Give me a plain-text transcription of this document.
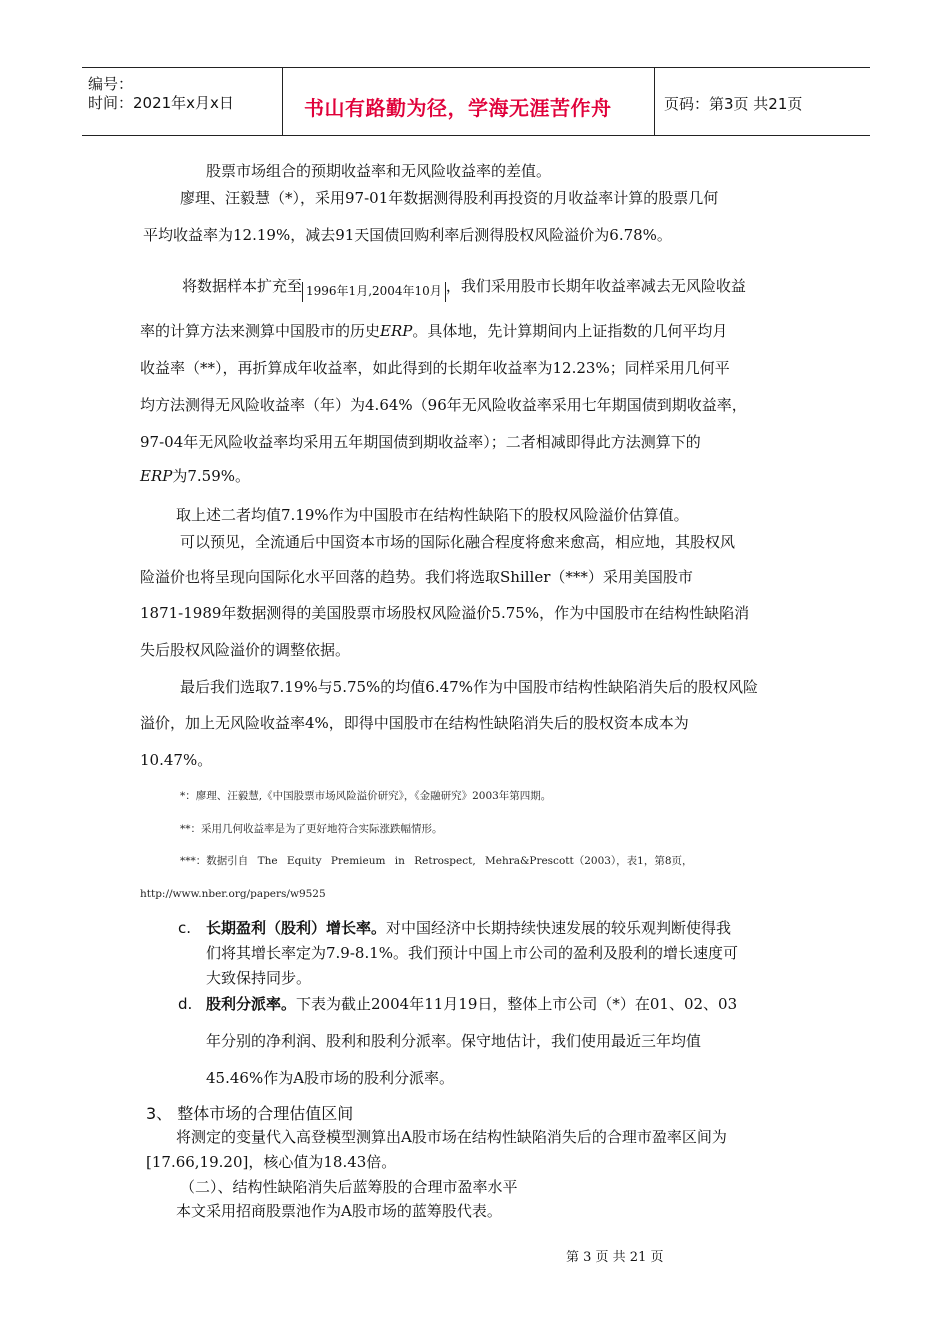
编号：
时间：2021年x月x日	书山有路勤为径，学海无涯苦作舟	页码：第3页 共21页
股票市场组合的预期收益率和无风险收益率的差值。
廖理、汪毅慧（*），采用97-01年数据测得股利再投资的月收益率计算的股票几何
平均收益率为12.19%，减去91天国债回购利率后测得股权风险溢价为6.78%。
将数据样本扩充至 1996年1月,2004年10月 ，我们采用股市长期年收益率减去无风险收益
率的计算方法来测算中国股市的历史ERP。具体地，先计算期间内上证指数的几何平均月
收益率（**），再折算成年收益率，如此得到的长期年收益率为12.23%；同样采用几何平
均方法测得无风险收益率（年）为4.64%（96年无风险收益率采用七年期国债到期收益率，
97-04年无风险收益率均采用五年期国债到期收益率）；二者相减即得此方法测算下的
ERP为7.59%。
取上述二者均值7.19%作为中国股市在结构性缺陷下的股权风险溢价估算值。
可以预见，全流通后中国资本市场的国际化融合程度将愈来愈高，相应地，其股权风
险溢价也将呈现向国际化水平回落的趋势。我们将选取Shiller（***）采用美国股市
1871-1989年数据测得的美国股票市场股权风险溢价5.75%，作为中国股市在结构性缺陷消
失后股权风险溢价的调整依据。
最后我们选取7.19%与5.75%的均值6.47%作为中国股市结构性缺陷消失后的股权风险
溢价，加上无风险收益率4%，即得中国股市在结构性缺陷消失后的股权资本成本为
10.47%。
*：廖理、汪毅慧,《中国股票市场风险溢价研究》，《金融研究》2003年第四期。
**：采用几何收益率是为了更好地符合实际涨跌幅情形。
***：数据引自 The Equity Premieum in Retrospect, Mehra&Prescott（2003），表1，第8页，
http://www.nber.org/papers/w9525
c. 长期盈利（股利）增长率。对中国经济中长期持续快速发展的较乐观判断使得我
们将其增长率定为7.9-8.1%。我们预计中国上市公司的盈利及股利的增长速度可
大致保持同步。
d. 股利分派率。下表为截止2004年11月19日，整体上市公司（*）在01、02、03
年分别的净利润、股利和股利分派率。保守地估计，我们使用最近三年均值
45.46%作为A股市场的股利分派率。
3、 整体市场的合理估值区间
将测定的变量代入高登模型测算出A股市场在结构性缺陷消失后的合理市盈率区间为
[17.66,19.20]，核心值为18.43倍。
（二）、结构性缺陷消失后蓝筹股的合理市盈率水平
本文采用招商股票池作为A股市场的蓝筹股代表。
第 3 页 共 21 页
